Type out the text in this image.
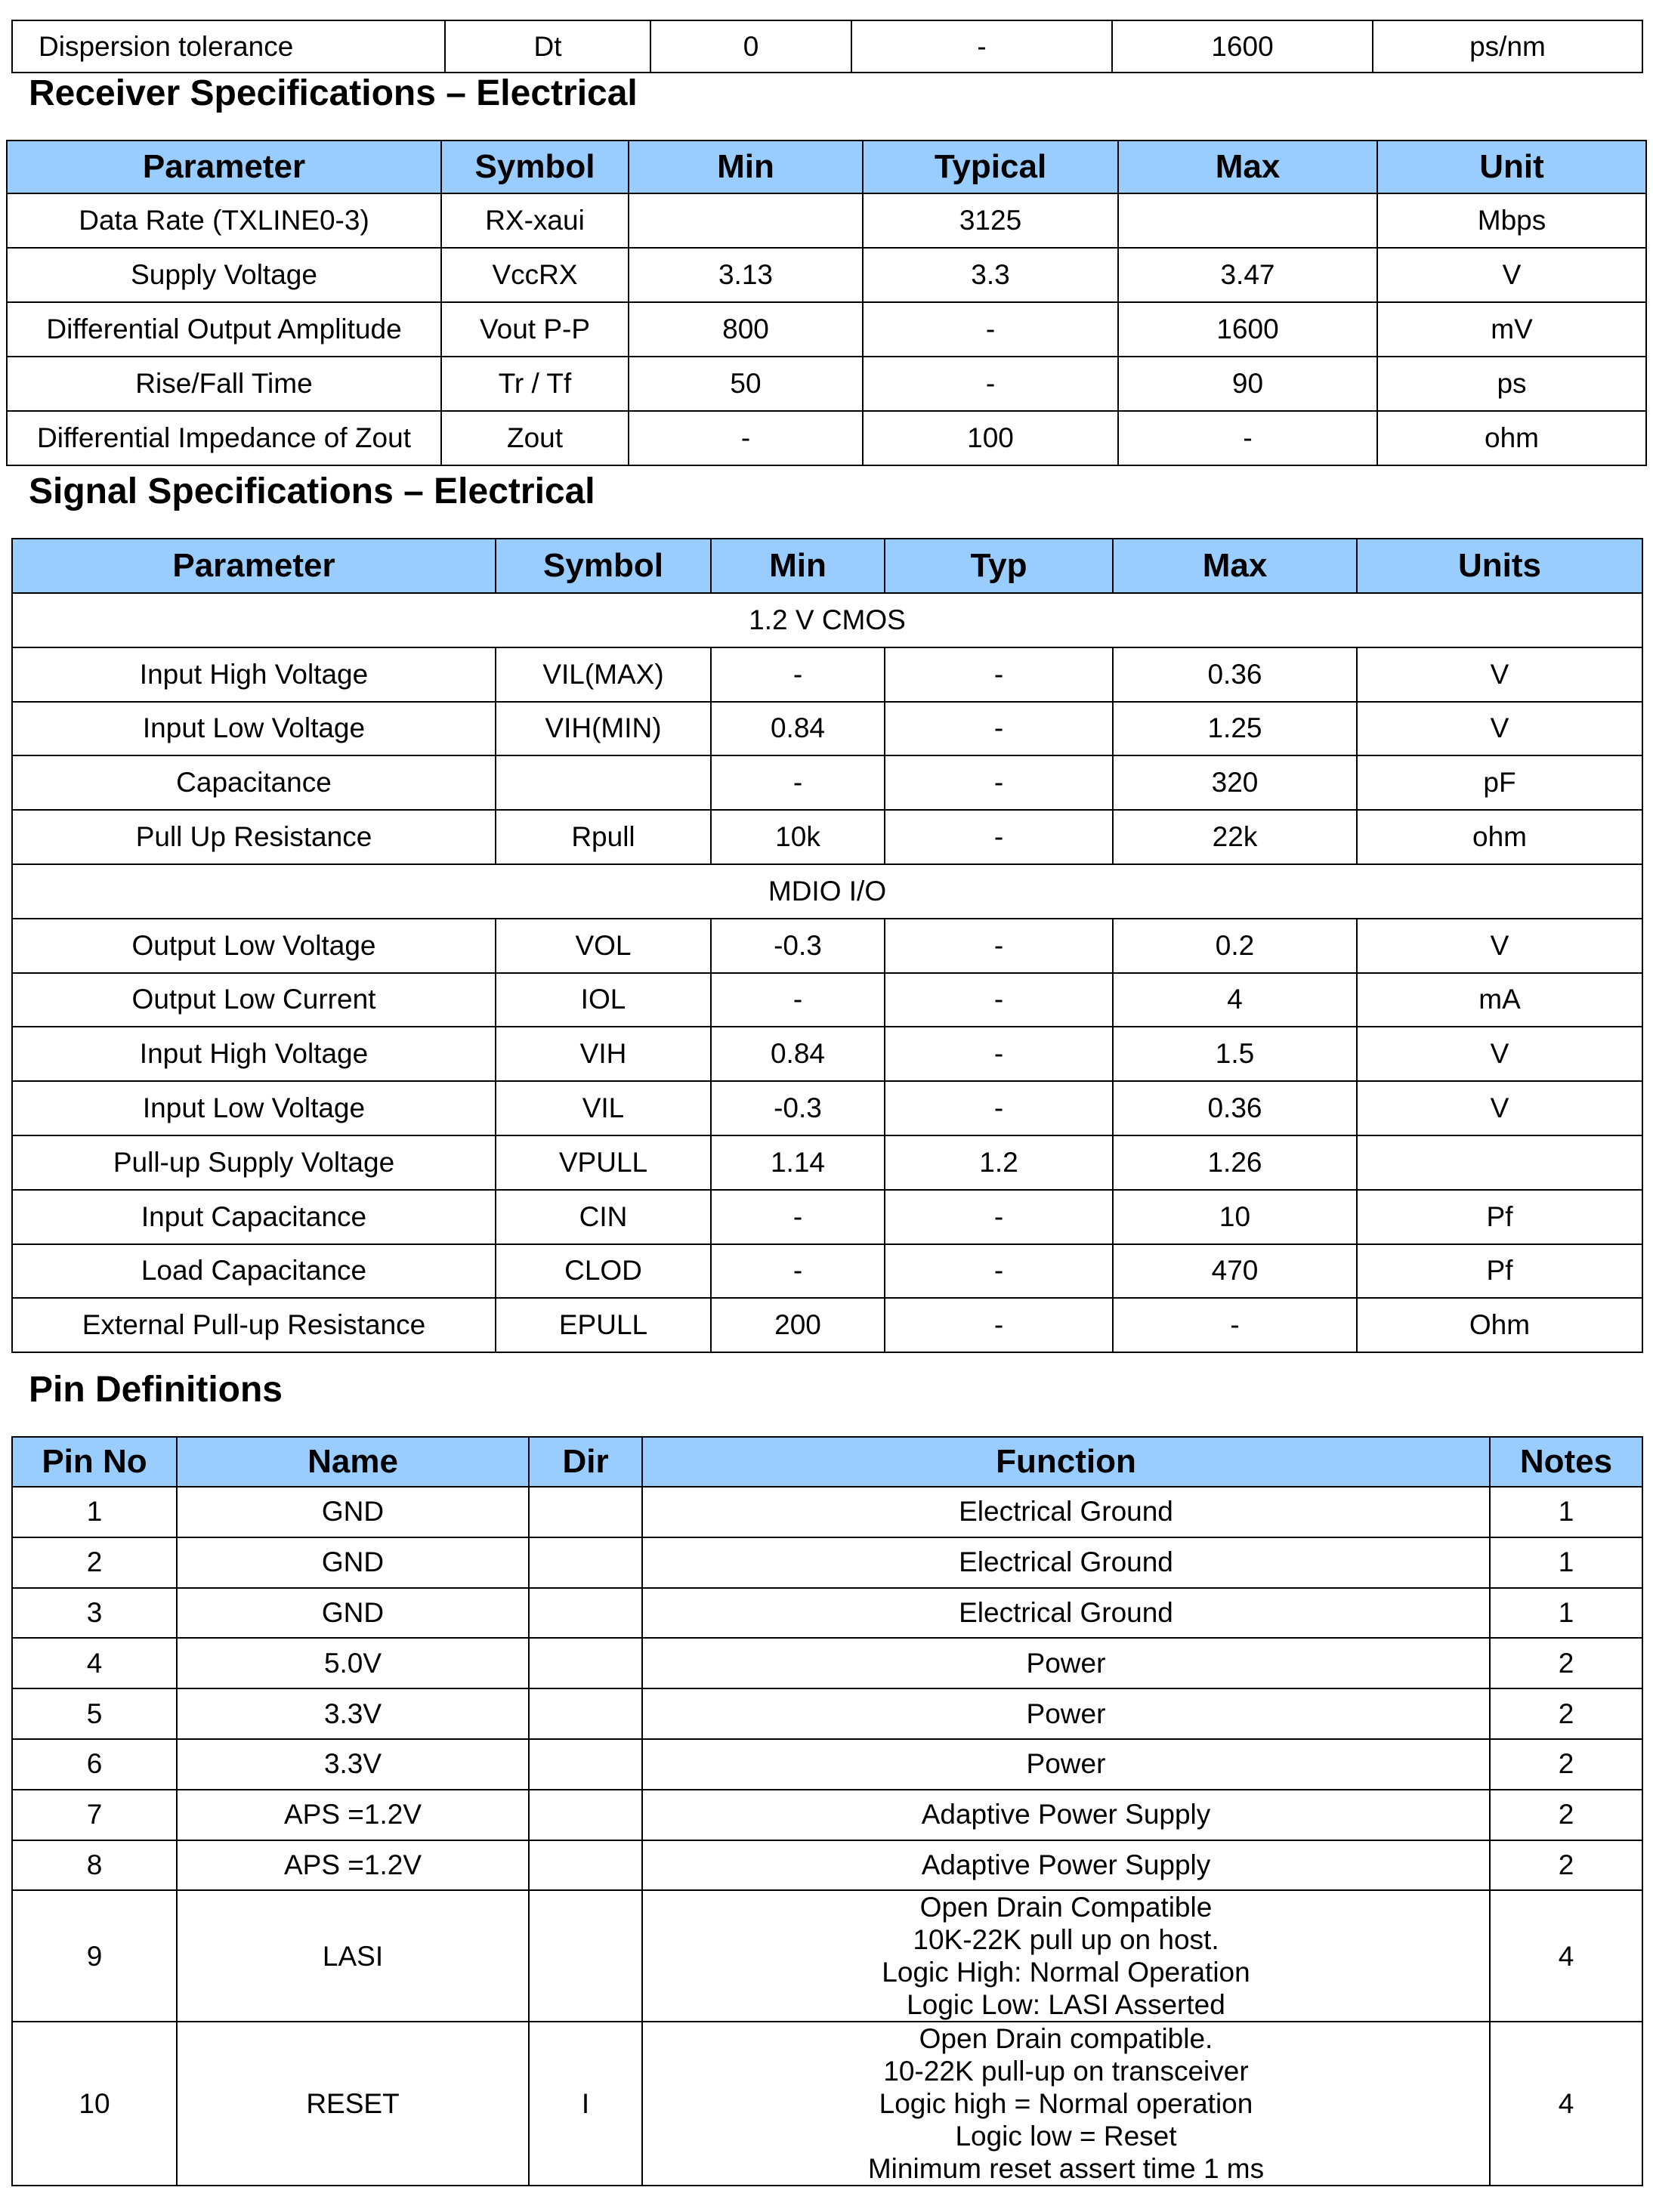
Dispersion tolerance	Dt	0	-	1600	ps/nm
Receiver Specifications – Electrical
Parameter	Symbol	Min	Typical	Max	Unit
Data Rate (TXLINE0-3)	RX-xaui		3125		Mbps
Supply Voltage	VccRX	3.13	3.3	3.47	V
Differential Output Amplitude	Vout P-P	800	-	1600	mV
Rise/Fall Time	Tr / Tf	50	-	90	ps
Differential Impedance of Zout	Zout	-	100	-	ohm
Signal Specifications – Electrical
Parameter	Symbol	Min	Typ	Max	Units
1.2 V CMOS					
Input High Voltage	VIL(MAX)	-	-	0.36	V
Input Low Voltage	VIH(MIN)	0.84	-	1.25	V
Capacitance		-	-	320	pF
Pull Up Resistance	Rpull	10k	-	22k	ohm
MDIO I/O					
Output Low Voltage	VOL	-0.3	-	0.2	V
Output Low Current	IOL	-	-	4	mA
Input High Voltage	VIH	0.84	-	1.5	V
Input Low Voltage	VIL	-0.3	-	0.36	V
Pull-up Supply Voltage	VPULL	1.14	1.2	1.26	
Input Capacitance	CIN	-	-	10	Pf
Load Capacitance	CLOD	-	-	470	Pf
External Pull-up Resistance	EPULL	200	-	-	Ohm
Pin Definitions
Pin No	Name	Dir	Function	Notes
1	GND		Electrical Ground	1
2	GND		Electrical Ground	1
3	GND		Electrical Ground	1
4	5.0V		Power	2
5	3.3V		Power	2
6	3.3V		Power	2
7	APS =1.2V		Adaptive Power Supply	2
8	APS =1.2V		Adaptive Power Supply	2
9	LASI		Open Drain Compatible
10K-22K pull up on host.
Logic High: Normal Operation
Logic Low: LASI Asserted	4
10	RESET	I	Open Drain compatible.
10-22K pull-up on transceiver
Logic high = Normal operation
Logic low = Reset
Minimum reset assert time 1 ms	4
